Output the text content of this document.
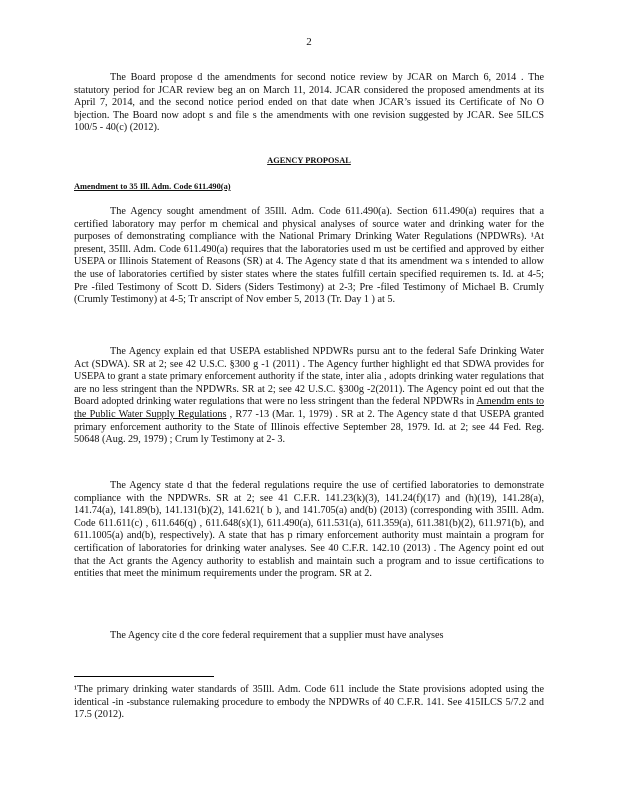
2

The Board propose d the amendments for second notice review by JCAR on March 6, 2014 . The statutory period for JCAR review beg an on March 11, 2014. JCAR considered the proposed amendments at its April 7, 2014, and the second notice period ended on that date when JCAR’s issued its Certificate of No O bjection. The Board now adopt s and file s the amendments with one revision suggested by JCAR. See 5ILCS 100/5 - 40(c) (2012).

AGENCY PROPOSAL
Amendment to 35 Ill. Adm. Code 611.490(a)

The Agency sought amendment of 35Ill. Adm. Code 611.490(a). Section 611.490(a) requires that a certified laboratory may perfor m chemical and physical analyses of source water and drinking water for the purposes of demonstrating compliance with the National Primary Drinking Water Regulations (NPDWRs). ¹At present, 35Ill. Adm. Code 611.490(a) requires that the laboratories used m ust be certified and approved by either USEPA or Illinois Statement of Reasons (SR) at 4. The Agency state d that its amendment wa s intended to allow the use of laboratories certified by sister states where the states fulfill certain specified requiremen ts. Id. at 4-5; Pre -filed Testimony of Scott D. Siders (Siders Testimony) at 2-3; Pre -filed Testimony of Michael B. Crumly (Crumly Testimony) at 4-5; Tr anscript of Nov ember 5, 2013 (Tr. Day 1 ) at 5.

The Agency explain ed that USEPA established NPDWRs pursu ant to the federal Safe Drinking Water Act (SDWA). SR at 2; see 42 U.S.C. §300 g -1 (2011) . The Agency further highlight ed that SDWA provides for USEPA to grant a state primary enforcement authority if the state, inter alia , adopts drinking water regulations that are no less stringent than the NPDWRs. SR at 2; see 42 U.S.C. §300g -2(2011). The Agency point ed out that the Board adopted drinking water regulations that were no less stringent than the federal NPDWRs in Amendm ents to the Public Water Supply Regulations , R77 -13 (Mar. 1, 1979) . SR at 2. The Agency state d that USEPA granted primary enforcement authority to the State of Illinois effective September 28, 1979. Id. at 2; see 44 Fed. Reg. 50648 (Aug. 29, 1979) ; Crum ly Testimony at 2- 3.

The Agency state d that the federal regulations require the use of certified laboratories to demonstrate compliance with the NPDWRs. SR at 2; see 41 C.F.R. 141.23(k)(3), 141.24(f)(17) and (h)(19), 141.28(a), 141.74(a), 141.89(b), 141.131(b)(2), 141.621( b ), and 141.705(a) and(b) (2013) (corresponding with 35Ill. Adm. Code 611.611(c) , 611.646(q) , 611.648(s)(1), 611.490(a), 611.531(a), 611.359(a), 611.381(b)(2), 611.971(b), and 611.1005(a) and(b), respectively). A state that has p rimary enforcement authority must maintain a program for certification of laboratories for drinking water analyses. See 40 C.F.R. 142.10 (2013) . The Agency point ed out that the Act grants the Agency authority to establish and maintain such a program and to issue certifications to entities that meet the minimum requirements under the program. SR at 2.

The Agency cite d the core federal requirement that a supplier must have analyses

¹The primary drinking water standards of 35Ill. Adm. Code 611 include the State provisions adopted using the identical -in -substance rulemaking procedure to embody the NPDWRs of 40 C.F.R. 141. See 415ILCS 5/7.2 and 17.5 (2012).
